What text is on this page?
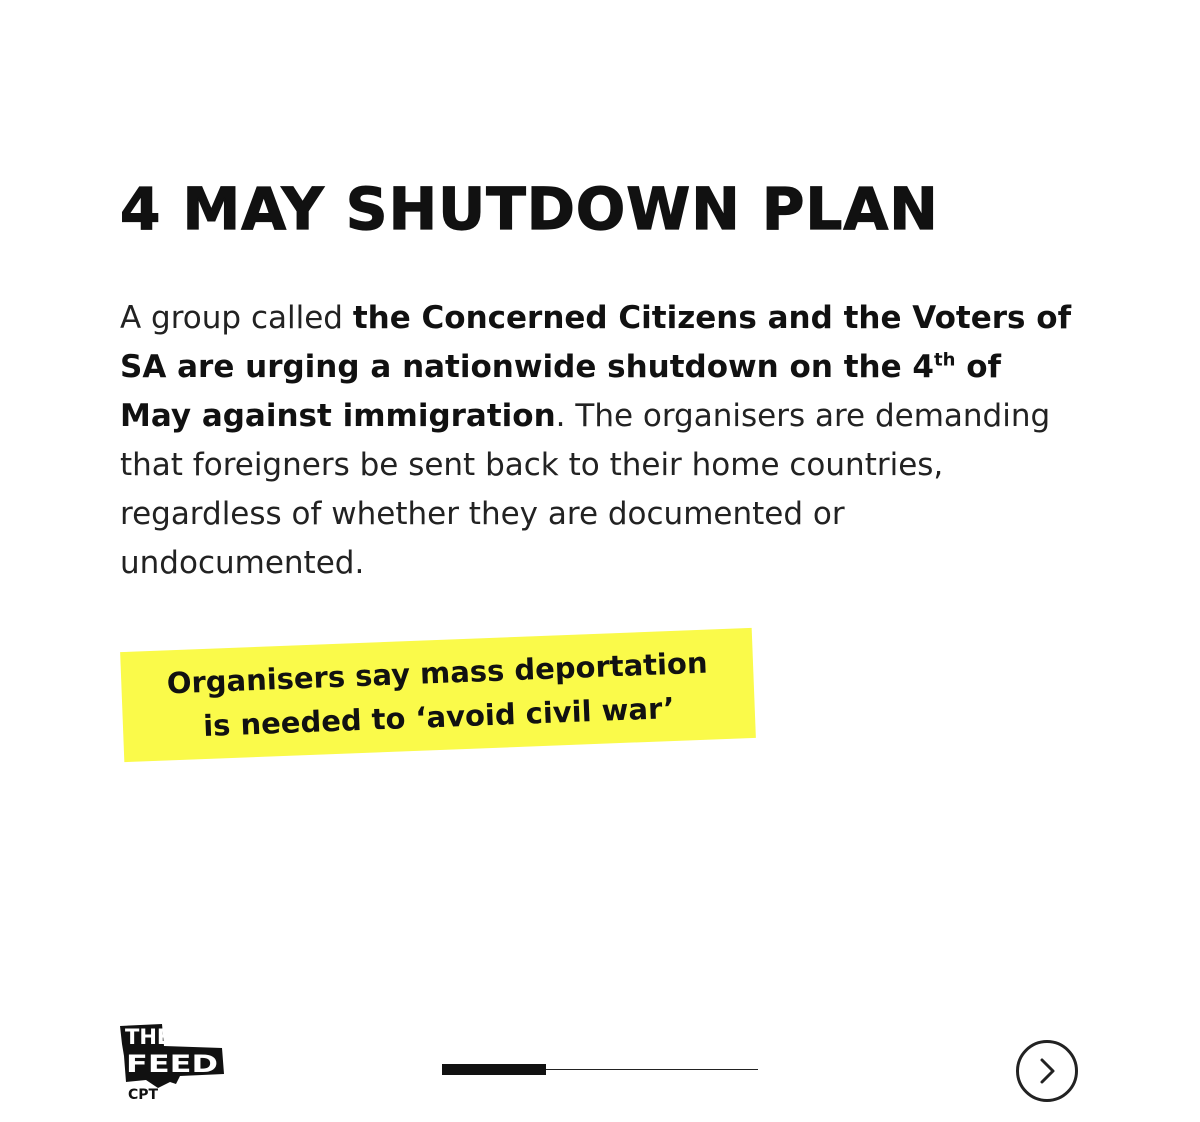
4 MAY SHUTDOWN PLAN

A group called the Concerned Citizens and the Voters of SA are urging a nationwide shutdown on the 4th of May against immigration. The organisers are demanding that foreigners be sent back to their home countries, regardless of whether they are documented or undocumented.

Organisers say mass deportation
is needed to ‘avoid civil war’
THE
FEED
CPT
